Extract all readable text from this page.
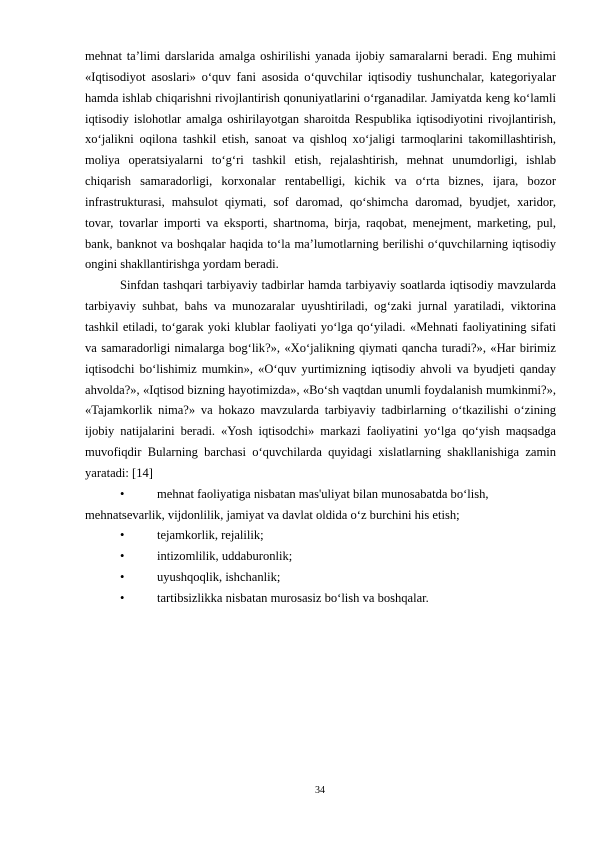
mehnat ta’limi darslarida amalga oshirilishi yanada ijobiy samaralarni beradi. Eng muhimi «Iqtisodiyot asoslari» o‘quv fani asosida o‘quvchilar iqtisodiy tushunchalar, kategoriyalar hamda ishlab chiqarishni rivojlantirish qonuniyatlarini o‘rganadilar. Jamiyatda keng ko‘lamli iqtisodiy islohotlar amalga oshirilayotgan sharoitda Respublika iqtisodiyotini rivojlantirish, xo‘jalikni oqilona tashkil etish, sanoat va qishloq xo‘jaligi tarmoqlarini takomillashtirish, moliya operatsiyalarni to‘g‘ri tashkil etish, rejalashtirish, mehnat unumdorligi, ishlab chiqarish samaradorligi, korxonalar rentabelligi, kichik va o‘rta biznes, ijara, bozor infrastrukturasi, mahsulot qiymati, sof daromad, qo‘shimcha daromad, byudjet, xaridor, tovar, tovarlar importi va eksporti, shartnoma, birja, raqobat, menejment, marketing, pul, bank, banknot va boshqalar haqida to‘la ma’lumotlarning berilishi o‘quvchilarning iqtisodiy ongini shakllantirishga yordam beradi.

Sinfdan tashqari tarbiyaviy tadbirlar hamda tarbiyaviy soatlarda iqtisodiy mavzularda tarbiyaviy suhbat, bahs va munozaralar uyushtiriladi, og‘zaki jurnal yaratiladi, viktorina tashkil etiladi, to‘garak yoki klublar faoliyati yo‘lga qo‘yiladi. «Mehnati faoliyatining sifati va samaradorligi nimalarga bog‘lik?», «Xo‘jalikning qiymati qancha turadi?», «Har birimiz iqtisodchi bo‘lishimiz mumkin», «O‘quv yurtimizning iqtisodiy ahvoli va byudjeti qanday ahvolda?», «Iqtisod bizning hayotimizda», «Bo‘sh vaqtdan unumli foydalanish mumkinmi?», «Tajamkorlik nima?» va hokazo mavzularda tarbiyaviy tadbirlarning o‘tkazilishi o‘zining ijobiy natijalarini beradi. «Yosh iqtisodchi» markazi faoliyatini yo‘lga qo‘yish maqsadga muvofiqdir Bularning barchasi o‘quvchilarda quyidagi xislatlarning shakllanishiga zamin yaratadi: [14]

•	mehnat faoliyatiga nisbatan mas'uliyat bilan munosabatda bo‘lish,

mehnatsevarlik, vijdonlilik, jamiyat va davlat oldida o‘z burchini his etish;

•	tejamkorlik, rejalilik;
•	intizomlilik, uddaburonlik;
•	uyushqoqlik, ishchanlik;
•	tartibsizlikka nisbatan murosasiz bo‘lish va boshqalar.
34
